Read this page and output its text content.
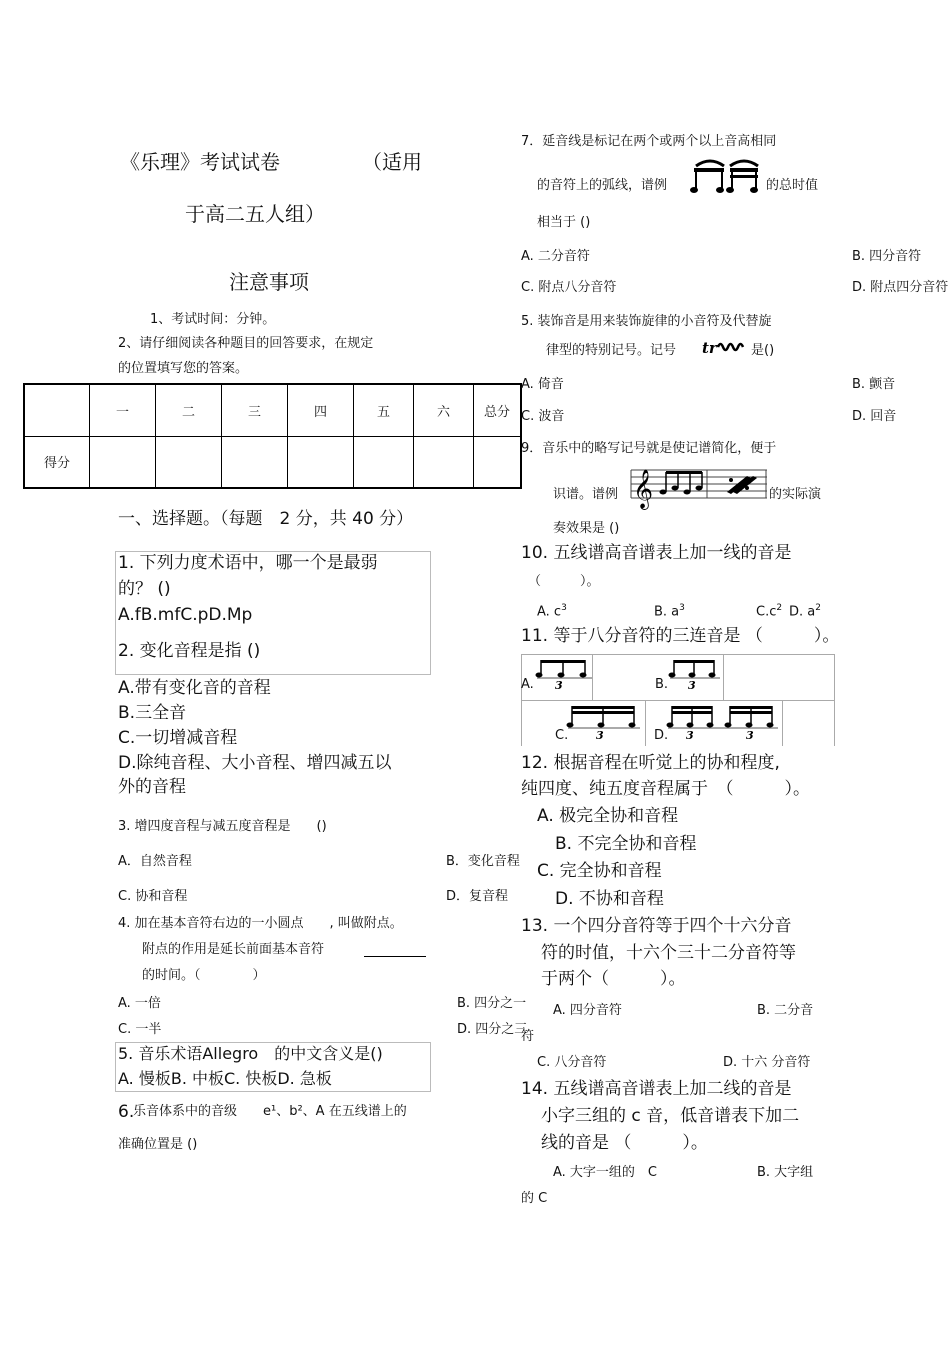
《乐理》考试试卷	（适用
于高二五人组）
注意事项
1、考试时间：分钟。
2、请仔细阅读各种题目的回答要求，在规定
的位置填写您的答案。
	一	二	三	四	五	六	总分
得分							
一、选择题。（每题　2 分，共 40 分）
1. 下列力度术语中，哪一个是最弱
的？ ()
A.fB.mfC.pD.Mp
2. 变化音程是指 ()
A.带有变化音的音程
B.三全音
C.一切增减音程
D.除纯音程、大小音程、增四减五以
外的音程
3. 增四度音程与减五度音程是　　()
A．自然音程	B．变化音程
C. 协和音程	D．复音程
4. 加在基本音符右边的一小圆点　　, 叫做附点。
附点的作用是延长前面基本音符
的时间。（　　　　）
A. 一倍	B. 四分之一
C. 一半	D. 四分之三
符
5. 音乐术语Allegro　的中文含义是()
A. 慢板B. 中板C. 快板D. 急板
6.
乐音体系中的音级　　e¹、b²、A 在五线谱上的
准确位置是 ()
7．延音线是标记在两个或两个以上音高相同
的音符上的弧线，谱例	的总时值
相当于 ()
A. 二分音符	B. 四分音符
C. 附点八分音符	D. 附点四分音符
5. 装饰音是用来装饰旋律的小音符及代替旋
律型的特别记号。记号 tr	是()
A. 倚音	B. 颤音
C. 波音	D. 回音
9．音乐中的略写记号就是使记谱简化，便于
识谱。谱例 𝄞	的实际演
奏效果是 ()
10. 五线谱高音谱表上加一线的音是
（　　　）。
A. $c^3$	B. $a^3$	$C.c^2$ D. $a^2$
11. 等于八分音符的三连音是 （　　　）。
A. 3	B. 3
C.	3	D. 3	3
12. 根据音程在听觉上的协和程度,
纯四度、纯五度音程属于　（　　　）。
A. 极完全协和音程
B. 不完全协和音程
C. 完全协和音程
D. 不协和音程
13. 一个四分音符等于四个十六分音
符的时值，十六个三十二分音符等
于两个（　　　）。
A. 四分音符	B. 二分音
C. 八分音符	D. 十六 分音符
14. 五线谱高音谱表上加二线的音是
小字三组的 c 音，低音谱表下加二
线的音是 （　　　）。
A. 大字一组的　C	B. 大字组
的 C
